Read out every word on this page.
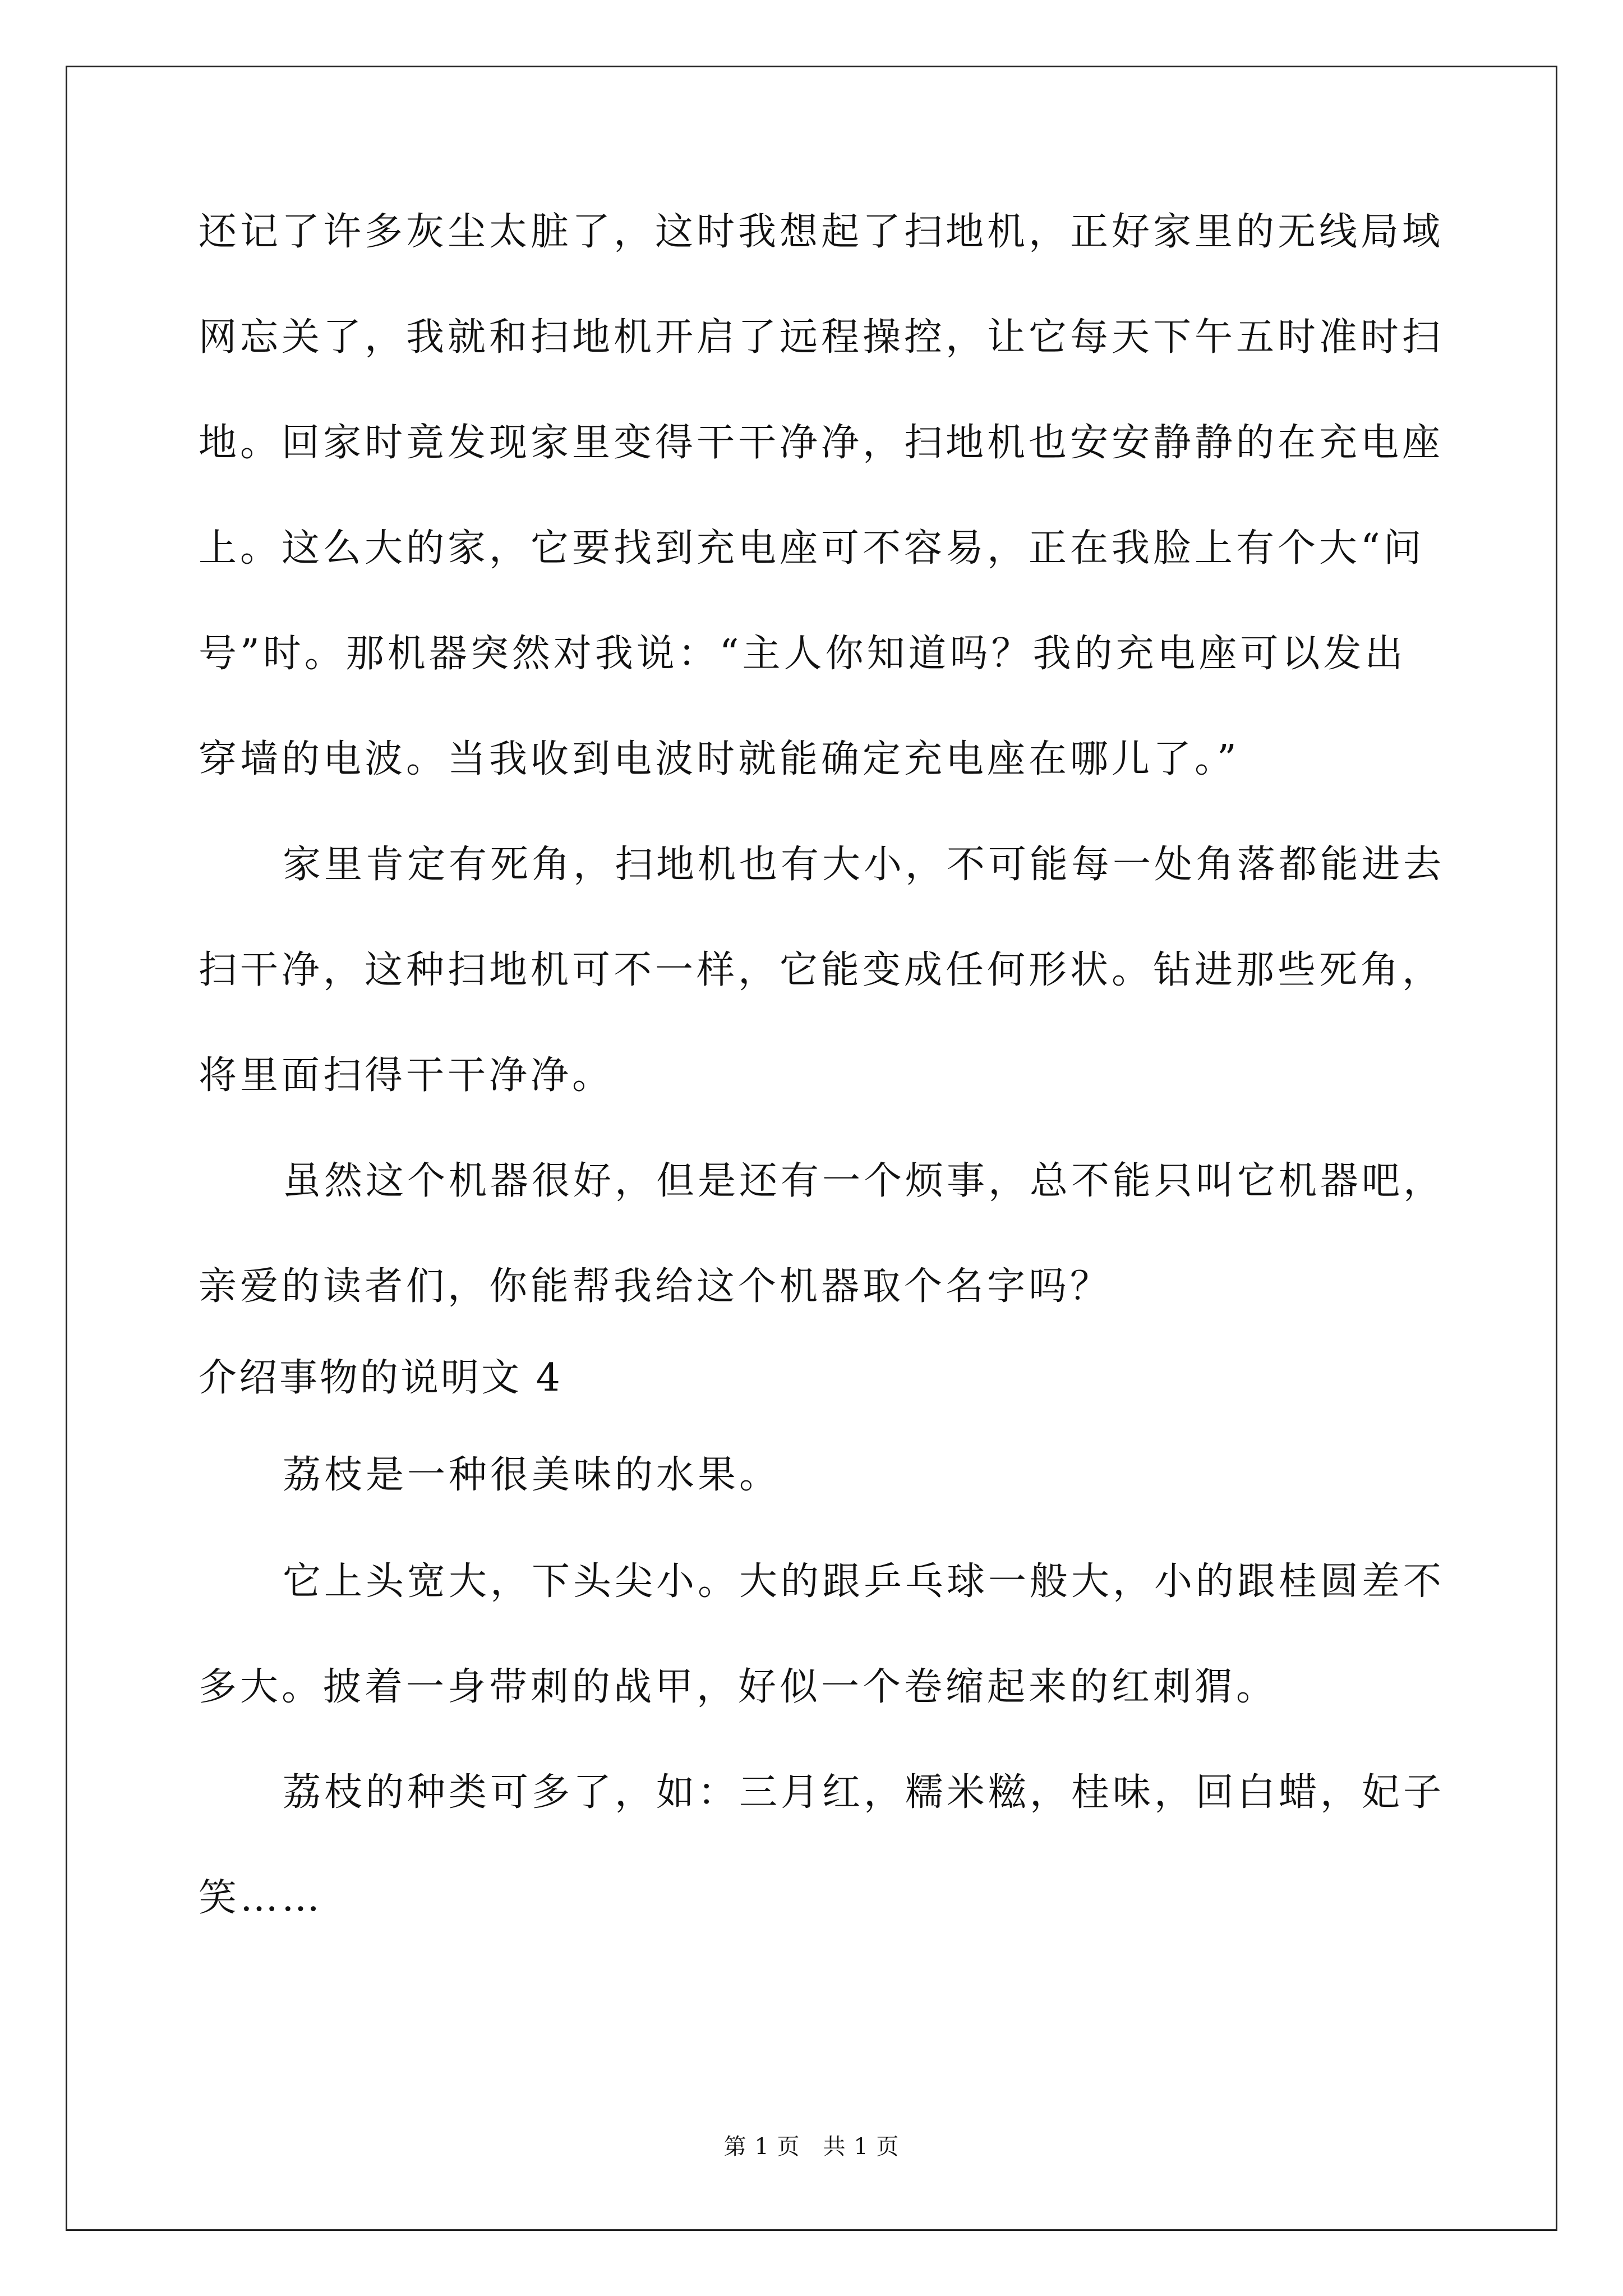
还记了许多灰尘太脏了，这时我想起了扫地机，正好家里的无线局域
网忘关了，我就和扫地机开启了远程操控，让它每天下午五时准时扫
地。回家时竟发现家里变得干干净净，扫地机也安安静静的在充电座
上。这么大的家，它要找到充电座可不容易，正在我脸上有个大“问
号”时。那机器突然对我说：“主人你知道吗？我的充电座可以发出
穿墙的电波。当我收到电波时就能确定充电座在哪儿了。”
家里肯定有死角，扫地机也有大小，不可能每一处角落都能进去
扫干净，这种扫地机可不一样，它能变成任何形状。钻进那些死角，
将里面扫得干干净净。
虽然这个机器很好，但是还有一个烦事，总不能只叫它机器吧，
亲爱的读者们，你能帮我给这个机器取个名字吗？
介绍事物的说明文 4
荔枝是一种很美味的水果。
它上头宽大，下头尖小。大的跟乒乓球一般大，小的跟桂圆差不
多大。披着一身带刺的战甲，好似一个卷缩起来的红刺猬。
荔枝的种类可多了，如：三月红，糯米糍，桂味，回白蜡，妃子
笑……
第 1 页　共 1 页
